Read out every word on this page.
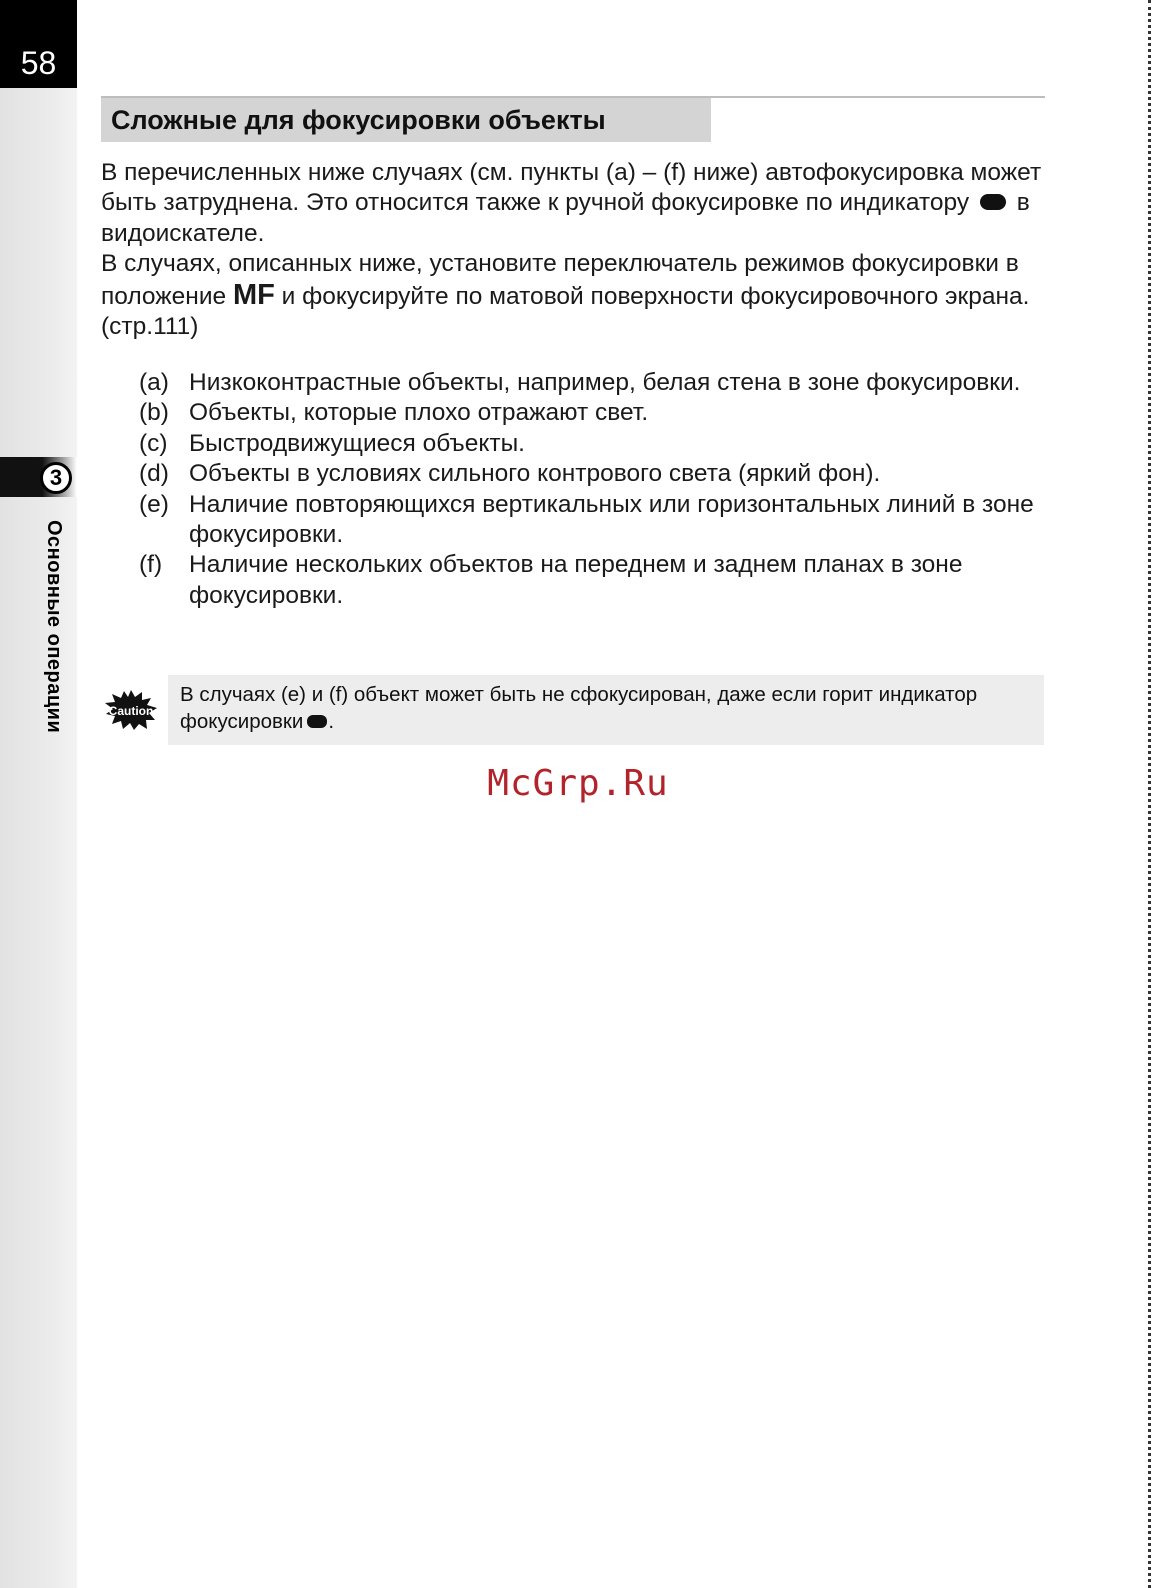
58
3
Основные операции
Сложные для фокусировки объекты

В перечисленных ниже случаях (см. пункты (a) – (f) ниже) автофокусировка может быть затруднена. Это относится также к ручной фокусировке по индикатору в видоискателе.

В случаях, описанных ниже, установите переключатель режимов фокусировки в положение MF и фокусируйте по матовой поверхности фокусировочного экрана. (стр.111)

(a) Низкоконтрастные объекты, например, белая стена в зоне фокусировки.
(b) Объекты, которые плохо отражают свет.
(c) Быстродвижущиеся объекты.
(d) Объекты в условиях сильного контрового света (яркий фон).
(e) Наличие повторяющихся вертикальных или горизонтальных линий в зоне фокусировки.
(f)	Наличие нескольких объектов на переднем и заднем планах в зоне фокусировки.
Caution
В случаях (e) и (f) объект может быть не сфокусирован, даже если горит индикатор фокусировки .
McGrp.Ru
